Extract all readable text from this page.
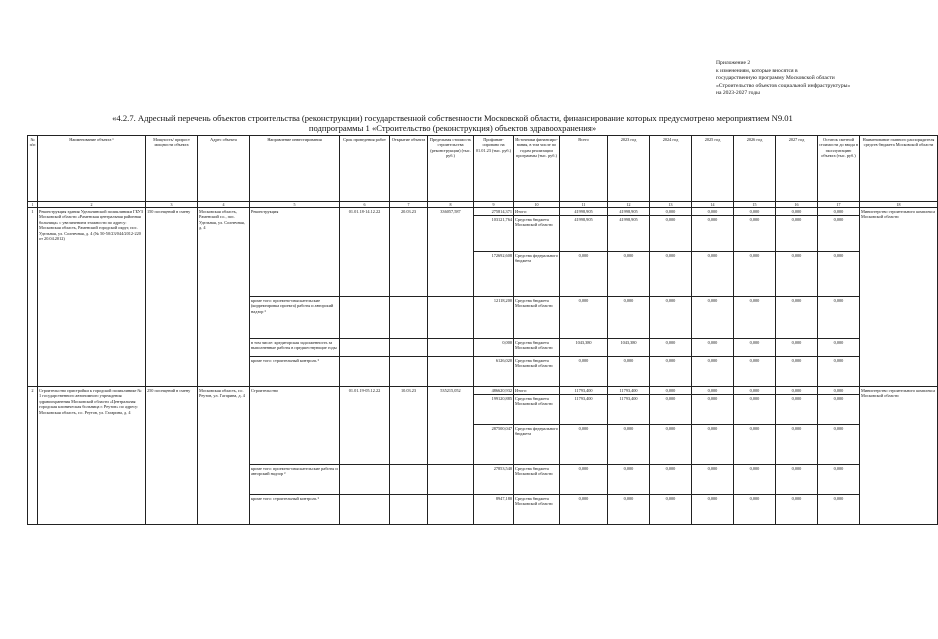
Приложение 2
к изменениям, которые вносятся в
государственную программу Московской области
«Строительство объектов социальной инфраструктуры»
на 2023-2027 годы
«4.2.7. Адресный перечень объектов строительства (реконструкции) государственной собственности Московской области, финансирование которых предусмотрено мероприятием N9.01
подпрограммы 1 «Строительство (реконструкция) объектов здравоохранения»
№ п/п	Наименование объекта ¹	Мощность/ прирост мощности объекта	Адрес объекта	Направление инвестирования	Срок проведения работ	Открытие объекта	Предельная стоимость строительства (реконструкции) (тыс. руб.)	Профинан-сировано на 01.01.23 (тыс. руб.)	Источники финансиро-вания, в том числе по годам реализации программы (тыс. руб.)	Всего	2023 год	2024 год	2025 год	2026 год	2027 год	Остаток сметной стоимости до ввода в эксплуатацию объекта (тыс. руб.)	Наименование главного распорядителя средств бюджета Московской области
1	2	3	4	5	6	7	8	9	10	11	12	13	14	15	16	17	18
1	Реконструкция здания Удельнинской поликлиники ГБУЗ Московской области «Раменская центральная районная больница» с увеличением этажности по адресу: Московская область, Раменский городской округ, пос. Удельная, ул. Солнечная, д. 4 (№ 50-50/23/044/2012-220 от 20.04.2012)	150 посещений в смену	Московская область, Раменский г.о., пос. Удельная, ул. Солнечная, д. 4	Реконструкция	01.01.18-14.12.22	20.03.23	336057,587	275814,371	Итого:	41998,905	41998,905	0,000	0,000	0,000	0,000	0,000	Министерство строительного комплекса Московской области
								103121,764	Средства бюджета Московской области	41998,905	41998,905	0,000	0,000	0,000	0,000	0,000	
								172692,608	Средства федерального бюджета	0,000	0,000	0,000	0,000	0,000	0,000	0,000	
				кроме того: проектно-изыскательские (корректировка проекта) работы и авторский надзор ³				12118,200	Средства бюджета Московской области	0,000	0,000	0,000	0,000	0,000	0,000	0,000	
				в том числе: кредиторская задолженность за выполненные работы в предшествующие годы				0,000	Средства бюджета Московской области	1043,380	1043,380	0,000	0,000	0,000	0,000	0,000	
				кроме того: строительный контроль ³				6126,020	Средства бюджета Московской области	0,000	0,000	0,000	0,000	0,000	0,000	0,000	
2	Строительство пристройки к городской поликлинике № 1 государственного автономного учреждения здравоохранения Московской области «Центральная городская клиническая больница г. Реутов» по адресу: Московская область, г.о. Реутов, ул. Гагарина, д. 4	250 посещений в смену	Московская область, г.о. Реутов, ул. Гагарина, д. 4	Строительство	01.01.19-05.12.22	10.03.23	535215,052	486620,932	Итого:	11793,400	11793,400	0,000	0,000	0,000	0,000	0,000	Министерство строительного комплекса Московской области
								199120,885	Средства бюджета Московской области	11793,400	11793,400	0,000	0,000	0,000	0,000	0,000	
								287500,047	Средства федерального бюджета	0,000	0,000	0,000	0,000	0,000	0,000	0,000	
				кроме того: проектно-изыскательские работы и авторский надзор ³				27853,540	Средства бюджета Московской области	0,000	0,000	0,000	0,000	0,000	0,000	0,000	
				кроме того: строительный контроль ³				8947,180	Средства бюджета Московской области	0,000	0,000	0,000	0,000	0,000	0,000	0,000	
